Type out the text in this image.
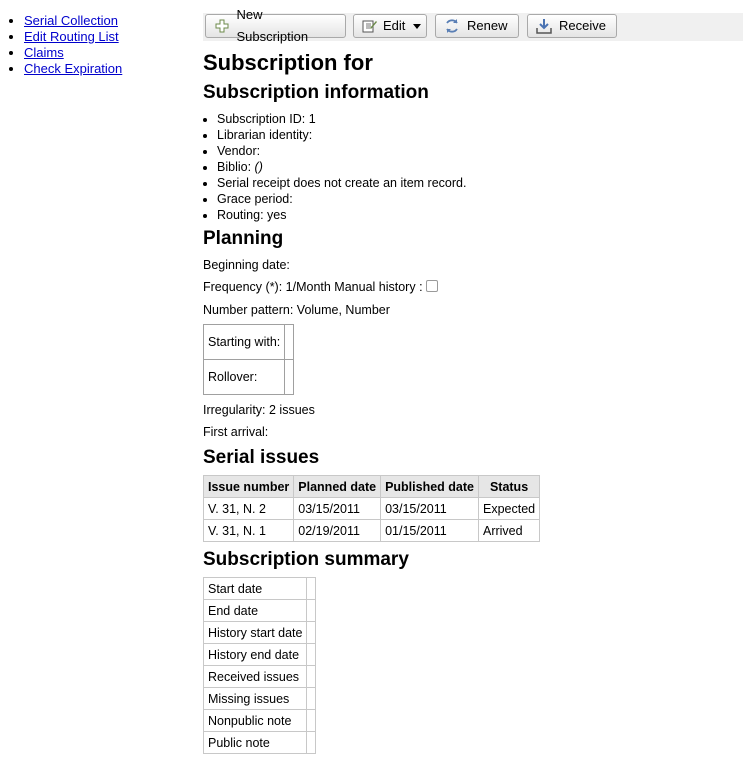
• Serial Collection
• Edit Routing List
• Claims
• Check Expiration
New Subscription
Edit	Renew	Receive
Subscription for
Subscription information
• Subscription ID: 1
• Librarian identity:
• Vendor:
• Biblio: ()
• Serial receipt does not create an item record.
• Grace period:
• Routing: yes
Planning
Beginning date:
Frequency (*): 1/Month Manual history :
Number pattern: Volume, Number
Starting with:	
Rollover:	
Irregularity: 2 issues
First arrival:
Serial issues
Issue number	Planned date	Published date	Status
V. 31, N. 2	03/15/2011	03/15/2011	Expected
V. 31, N. 1	02/19/2011	01/15/2011	Arrived
Subscription summary
Start date	
End date	
History start date	
History end date	
Received issues	
Missing issues	
Nonpublic note	
Public note	
